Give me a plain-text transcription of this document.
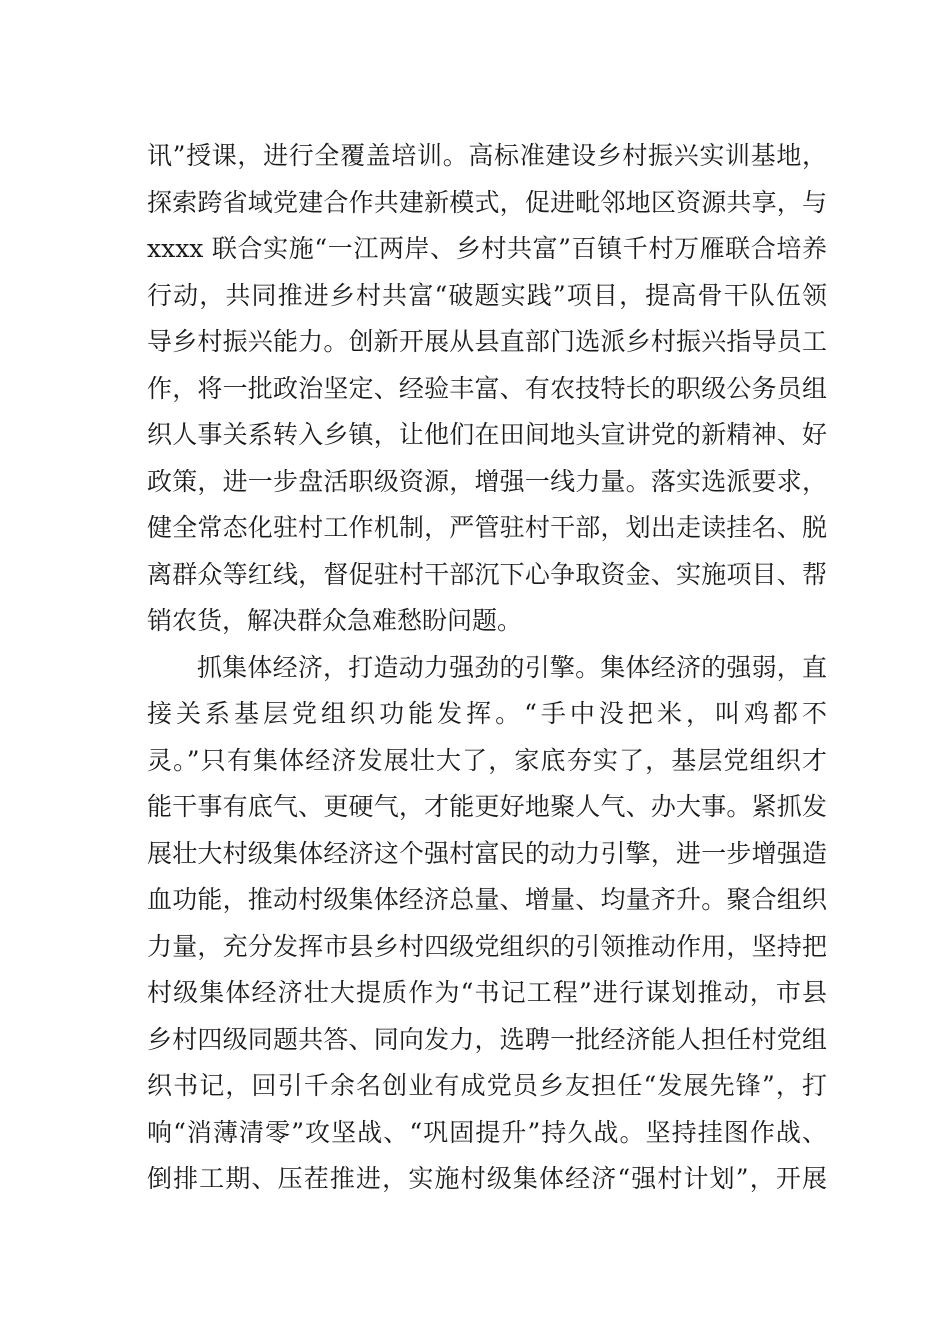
讯”授课，进行全覆盖培训。高标准建设乡村振兴实训基地，
探索跨省域党建合作共建新模式，促进毗邻地区资源共享，与
xxxx 联合实施“一江两岸、乡村共富”百镇千村万雁联合培养
行动，共同推进乡村共富“破题实践”项目，提高骨干队伍领
导乡村振兴能力。创新开展从县直部门选派乡村振兴指导员工
作，将一批政治坚定、经验丰富、有农技特长的职级公务员组
织人事关系转入乡镇，让他们在田间地头宣讲党的新精神、好
政策，进一步盘活职级资源，增强一线力量。落实选派要求，
健全常态化驻村工作机制，严管驻村干部，划出走读挂名、脱
离群众等红线，督促驻村干部沉下心争取资金、实施项目、帮
销农货，解决群众急难愁盼问题。
抓集体经济，打造动力强劲的引擎。集体经济的强弱，直
接关系基层党组织功能发挥。“手中没把米，叫鸡都不
灵。”只有集体经济发展壮大了，家底夯实了，基层党组织才
能干事有底气、更硬气，才能更好地聚人气、办大事。紧抓发
展壮大村级集体经济这个强村富民的动力引擎，进一步增强造
血功能，推动村级集体经济总量、增量、均量齐升。聚合组织
力量，充分发挥市县乡村四级党组织的引领推动作用，坚持把
村级集体经济壮大提质作为“书记工程”进行谋划推动，市县
乡村四级同题共答、同向发力，选聘一批经济能人担任村党组
织书记，回引千余名创业有成党员乡友担任“发展先锋”，打
响“消薄清零”攻坚战、“巩固提升”持久战。坚持挂图作战、
倒排工期、压茬推进，实施村级集体经济“强村计划”，开展
